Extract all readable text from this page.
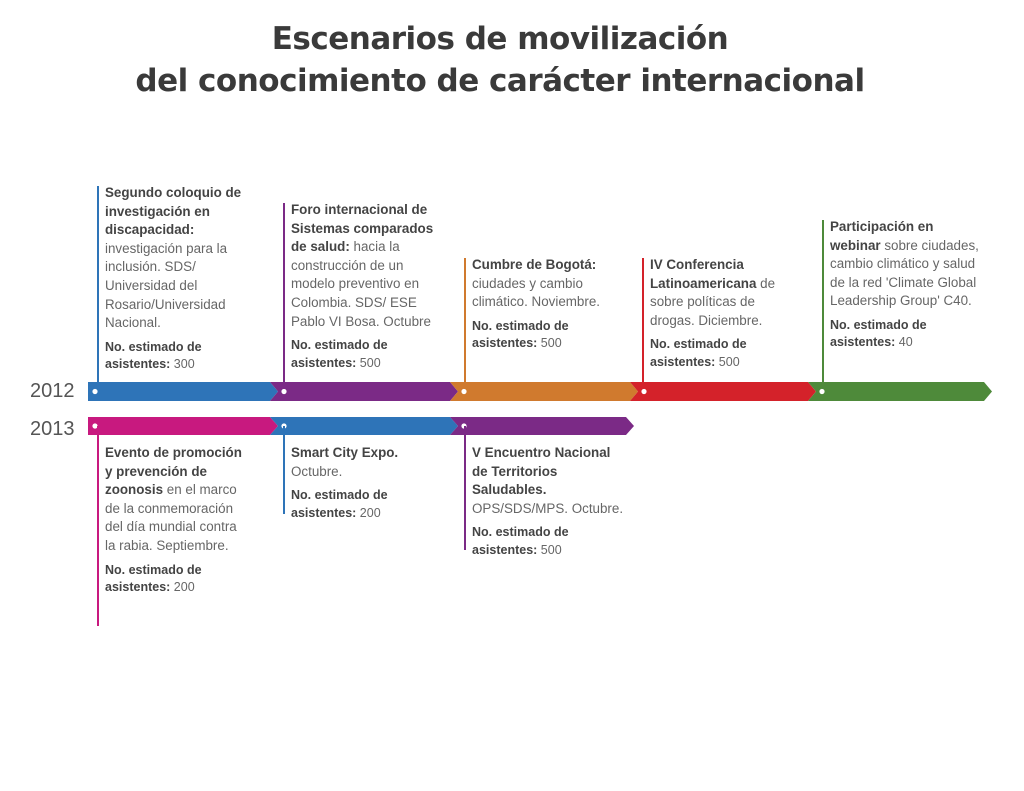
Escenarios de movilización
del conocimiento de carácter internacional
2012
2013
Segundo coloquio de investigación en discapacidad: investigación para la inclusión. SDS/ Universidad del Rosario/Universidad Nacional.
No. estimado de asistentes: 300
Foro internacional de Sistemas comparados de salud: hacia la construcción de un modelo preventivo en Colombia. SDS/ ESE Pablo VI Bosa. Octubre
No. estimado de asistentes: 500
Cumbre de Bogotá: ciudades y cambio climático. Noviembre.
No. estimado de asistentes: 500
IV Conferencia Latinoamericana de sobre políticas de drogas. Diciembre.
No. estimado de asistentes: 500
Participación en webinar sobre ciudades, cambio climático y salud de la red 'Climate Global Leadership Group' C40.
No. estimado de asistentes: 40
Evento de promoción y prevención de zoonosis en el marco de la conmemoración del día mundial contra la rabia. Septiembre.
No. estimado de asistentes: 200
Smart City Expo. Octubre.
No. estimado de asistentes: 200
V Encuentro Nacional de Territorios Saludables. OPS/SDS/MPS. Octubre.
No. estimado de asistentes: 500
